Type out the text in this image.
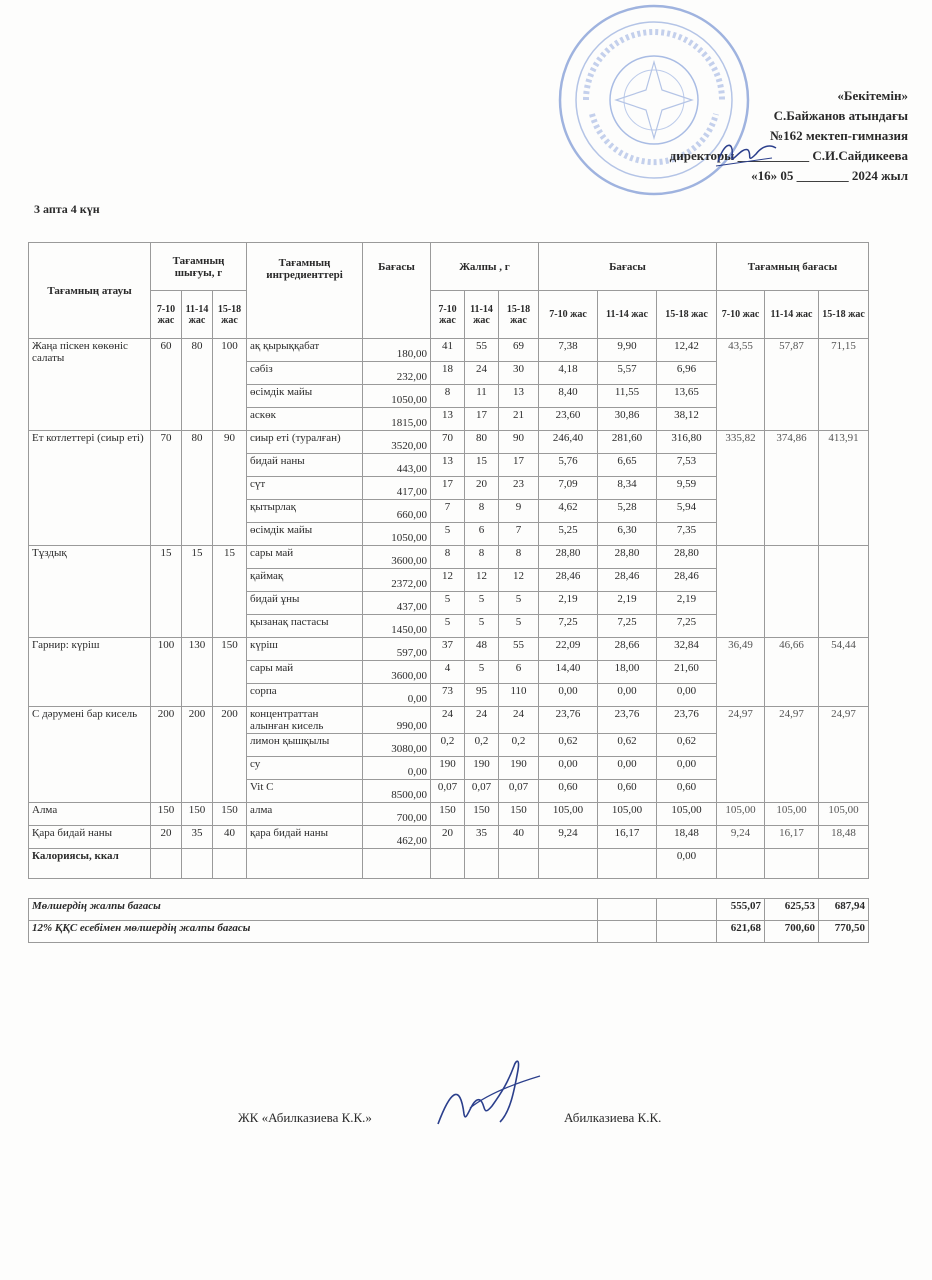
«Бекітемін»
С.Байжанов атындағы
№162 мектеп-гимназия
директоры ___________ С.И.Сайдикеева
«16» 05 ________ 2024 жыл
3 апта 4 күн
Тағамның атауы	Тағамның шығуы, г			Тағамның ингредиенттері	Бағасы	Жалпы , г			Бағасы			Тағамның бағасы		
	7-10 жас	11-14 жас	15-18 жас			7-10 жас	11-14 жас	15-18 жас	7-10 жас	11-14 жас	15-18 жас	7-10 жас	11-14 жас	15-18 жас
Жаңа піскен көкөніс салаты	60	80	100	ақ қырыққабат	180,00	41	55	69	7,38	9,90	12,42	43,55	57,87	71,15
				сәбіз	232,00	18	24	30	4,18	5,57	6,96			
				өсімдік майы	1050,00	8	11	13	8,40	11,55	13,65			
				аскөк	1815,00	13	17	21	23,60	30,86	38,12			
Ет котлеттері (сиыр еті)	70	80	90	сиыр еті (туралған)	3520,00	70	80	90	246,40	281,60	316,80	335,82	374,86	413,91
				бидай наны	443,00	13	15	17	5,76	6,65	7,53			
				сүт	417,00	17	20	23	7,09	8,34	9,59			
				қытырлақ	660,00	7	8	9	4,62	5,28	5,94			
				өсімдік майы	1050,00	5	6	7	5,25	6,30	7,35			
Тұздық	15	15	15	сары май	3600,00	8	8	8	28,80	28,80	28,80			
				қаймақ	2372,00	12	12	12	28,46	28,46	28,46			
				бидай ұны	437,00	5	5	5	2,19	2,19	2,19			
				қызанақ пастасы	1450,00	5	5	5	7,25	7,25	7,25			
Гарнир: күріш	100	130	150	күріш	597,00	37	48	55	22,09	28,66	32,84	36,49	46,66	54,44
				сары май	3600,00	4	5	6	14,40	18,00	21,60			
				сорпа	0,00	73	95	110	0,00	0,00	0,00			
С дәрумені бар кисель	200	200	200	концентраттан алынған кисель	990,00	24	24	24	23,76	23,76	23,76	24,97	24,97	24,97
				лимон қышқылы	3080,00	0,2	0,2	0,2	0,62	0,62	0,62			
				су	0,00	190	190	190	0,00	0,00	0,00			
				Vit C	8500,00	0,07	0,07	0,07	0,60	0,60	0,60			
Алма	150	150	150	алма	700,00	150	150	150	105,00	105,00	105,00	105,00	105,00	105,00
Қара бидай наны	20	35	40	қара бидай наны	462,00	20	35	40	9,24	16,17	18,48	9,24	16,17	18,48
Калориясы, ккал											0,00			

Мөлшердің жалпы бағасы												555,07	625,53	687,94
12% ҚҚС есебімен мөлшердің жалпы бағасы												621,68	700,60	770,50
ЖК «Абилказиева К.К.»	Абилказиева К.К.
